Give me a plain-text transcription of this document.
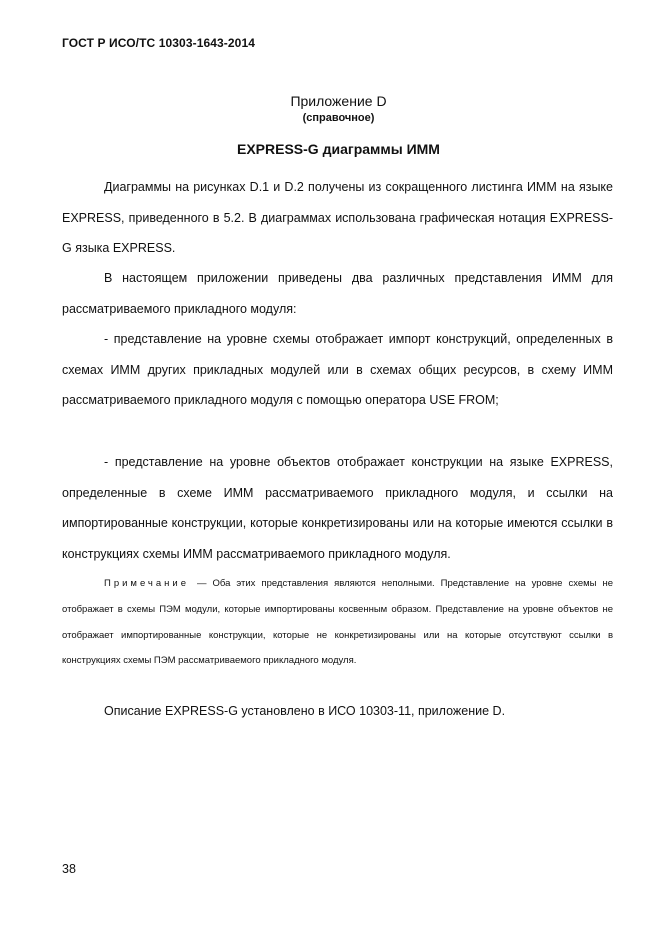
ГОСТ Р ИСО/ТС 10303-1643-2014
Приложение D
(справочное)
EXPRESS-G диаграммы ИММ

Диаграммы на рисунках D.1 и D.2 получены из сокращенного листинга ИММ на языке EXPRESS, приведенного в 5.2. В диаграммах использована графическая нотация EXPRESS-G языка EXPRESS.

В настоящем приложении приведены два различных представления ИММ для рассматриваемого прикладного модуля:

- представление на уровне схемы отображает импорт конструкций, определенных в схемах ИММ других прикладных модулей или в схемах общих ресурсов, в схему ИММ рассматриваемого прикладного модуля с помощью оператора USE FROM;

- представление на уровне объектов отображает конструкции на языке EXPRESS, определенные в схеме ИММ рассматриваемого прикладного модуля, и ссылки на импортированные конструкции, которые конкретизированы или на которые имеются ссылки в конструкциях схемы ИММ рассматриваемого прикладного модуля.

Примечание — Оба этих представления являются неполными. Представление на уровне схемы не отображает в схемы ПЭМ модули, которые импортированы косвенным образом. Представление на уровне объектов не отображает импортированные конструкции, которые не конкретизированы или на которые отсутствуют ссылки в конструкциях схемы ПЭМ рассматриваемого прикладного модуля.

Описание EXPRESS-G установлено в ИСО 10303-11, приложение D.

38
